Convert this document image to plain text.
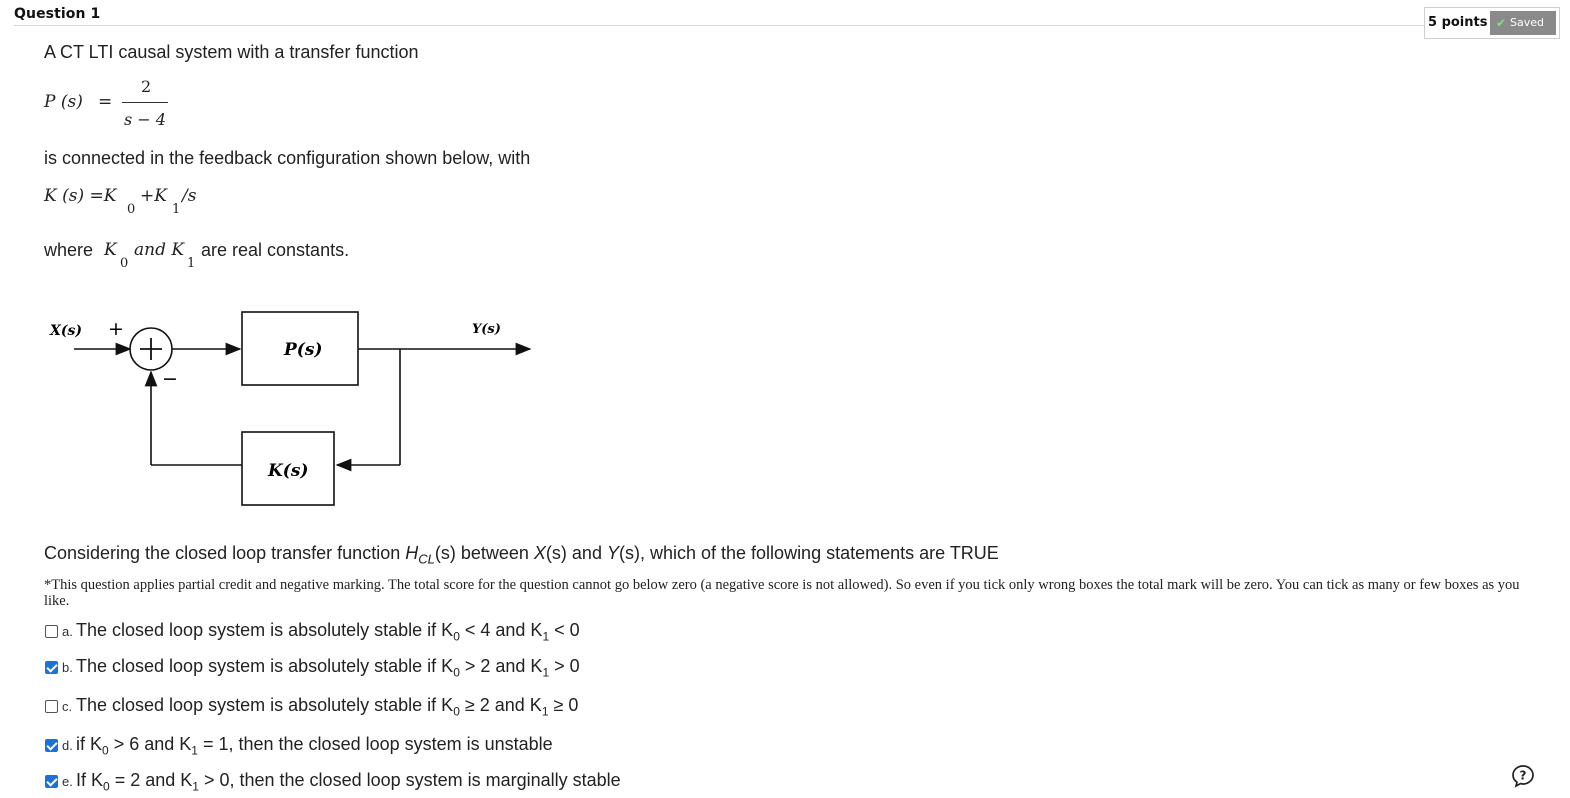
Question 1
5 points ✔ Saved
A CT LTI causal system with a transfer function
P (s) =
2
s − 4
is connected in the feedback configuration shown below, with
K (s) =K
0
+K
1
/s
where K
0
and K
1
are real constants.
X(s) +
−
P(s)
Y(s)
K(s)
Considering the closed loop transfer function $H_{CL}(s)$ between X(s) and Y(s), which of the following statements are TRUE
*This question applies partial credit and negative marking. The total score for the question cannot go below zero (a negative score is not allowed). So even if you tick only wrong boxes the total mark will be zero. You can tick as many or few boxes as you like.
a. The closed loop system is absolutely stable if $K_0 < 4$ and $K_1 < 0$
b. The closed loop system is absolutely stable if $K_0 > 2$ and $K_1 > 0$
c. The closed loop system is absolutely stable if $K_0 \ge 2$ and $K_1 \ge 0$
d. if $K_0 > 6$ and $K_1 = 1$, then the closed loop system is unstable
e. If $K_0 = 2$ and $K_1 > 0$, then the closed loop system is marginally stable	?
